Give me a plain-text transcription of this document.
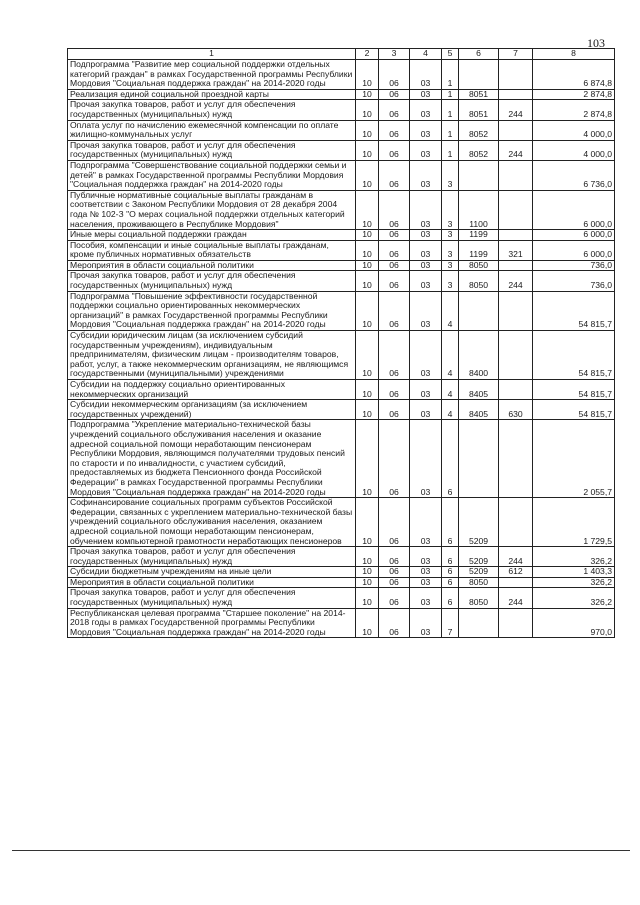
103
1	2	3	4	5	6	7	8
Подпрограмма "Развитие мер социальной поддержки отдельных категорий граждан" в рамках Государственной программы Республики Мордовия "Социальная поддержка граждан" на 2014-2020 годы	10	06	03	1			6 874,8
Реализация единой социальной проездной карты	10	06	03	1	8051		2 874,8
Прочая закупка товаров, работ и услуг для обеспечения государственных (муниципальных) нужд	10	06	03	1	8051	244	2 874,8
Оплата услуг по начислению ежемесячной компенсации по оплате жилищно-коммунальных услуг	10	06	03	1	8052		4 000,0
Прочая закупка товаров, работ и услуг для обеспечения государственных (муниципальных) нужд	10	06	03	1	8052	244	4 000,0
Подпрограмма "Совершенствование социальной поддержки семьи и детей" в рамках Государственной программы Республики Мордовия "Социальная поддержка граждан" на 2014-2020 годы	10	06	03	3			6 736,0
Публичные нормативные социальные выплаты гражданам в соответствии с Законом Республики Мордовия от 28 декабря 2004 года № 102-З "О мерах социальной поддержки отдельных категорий населения, проживающего в Республике Мордовия"	10	06	03	3	1100		6 000,0
Иные меры социальной поддержки граждан	10	06	03	3	1199		6 000,0
Пособия, компенсации и иные социальные выплаты гражданам, кроме публичных нормативных обязательств	10	06	03	3	1199	321	6 000,0
Мероприятия в области социальной политики	10	06	03	3	8050		736,0
Прочая закупка товаров, работ и услуг для обеспечения государственных (муниципальных) нужд	10	06	03	3	8050	244	736,0
Подпрограмма "Повышение эффективности государственной поддержки социально ориентированных некоммерческих организаций" в рамках Государственной программы Республики Мордовия "Социальная поддержка граждан" на 2014-2020 годы	10	06	03	4			54 815,7
Субсидии юридическим лицам (за исключением субсидий государственным учреждениям), индивидуальным предпринимателям, физическим лицам - производителям товаров, работ, услуг, а также некоммерческим организациям, не являющимся государственными (муниципальными) учреждениями	10	06	03	4	8400		54 815,7
Субсидии на поддержку социально ориентированных некоммерческих организаций	10	06	03	4	8405		54 815,7
Субсидии некоммерческим организациям (за исключением государственных учреждений)	10	06	03	4	8405	630	54 815,7
Подпрограмма "Укрепление материально-технической базы учреждений социального обслуживания населения и оказание адресной социальной помощи неработающим пенсионерам Республики Мордовия, являющимся получателями трудовых пенсий по старости и по инвалидности, с участием субсидий, предоставляемых из бюджета Пенсионного фонда Российской Федерации" в рамках Государственной программы Республики Мордовия "Социальная поддержка граждан" на 2014-2020 годы	10	06	03	6			2 055,7
Софинансирование социальных программ субъектов Российской Федерации, связанных с укреплением материально-технической базы учреждений социального обслуживания населения, оказанием адресной социальной помощи неработающим пенсионерам, обучением компьютерной грамотности неработающих пенсионеров	10	06	03	6	5209		1 729,5
Прочая закупка товаров, работ и услуг для обеспечения государственных (муниципальных) нужд	10	06	03	6	5209	244	326,2
Субсидии бюджетным учреждениям на иные цели	10	06	03	6	5209	612	1 403,3
Мероприятия в области социальной политики	10	06	03	6	8050		326,2
Прочая закупка товаров, работ и услуг для обеспечения государственных (муниципальных) нужд	10	06	03	6	8050	244	326,2
Республиканская целевая программа "Старшее поколение" на 2014-2018 годы в рамках Государственной программы Республики Мордовия "Социальная поддержка граждан" на 2014-2020 годы	10	06	03	7			970,0
